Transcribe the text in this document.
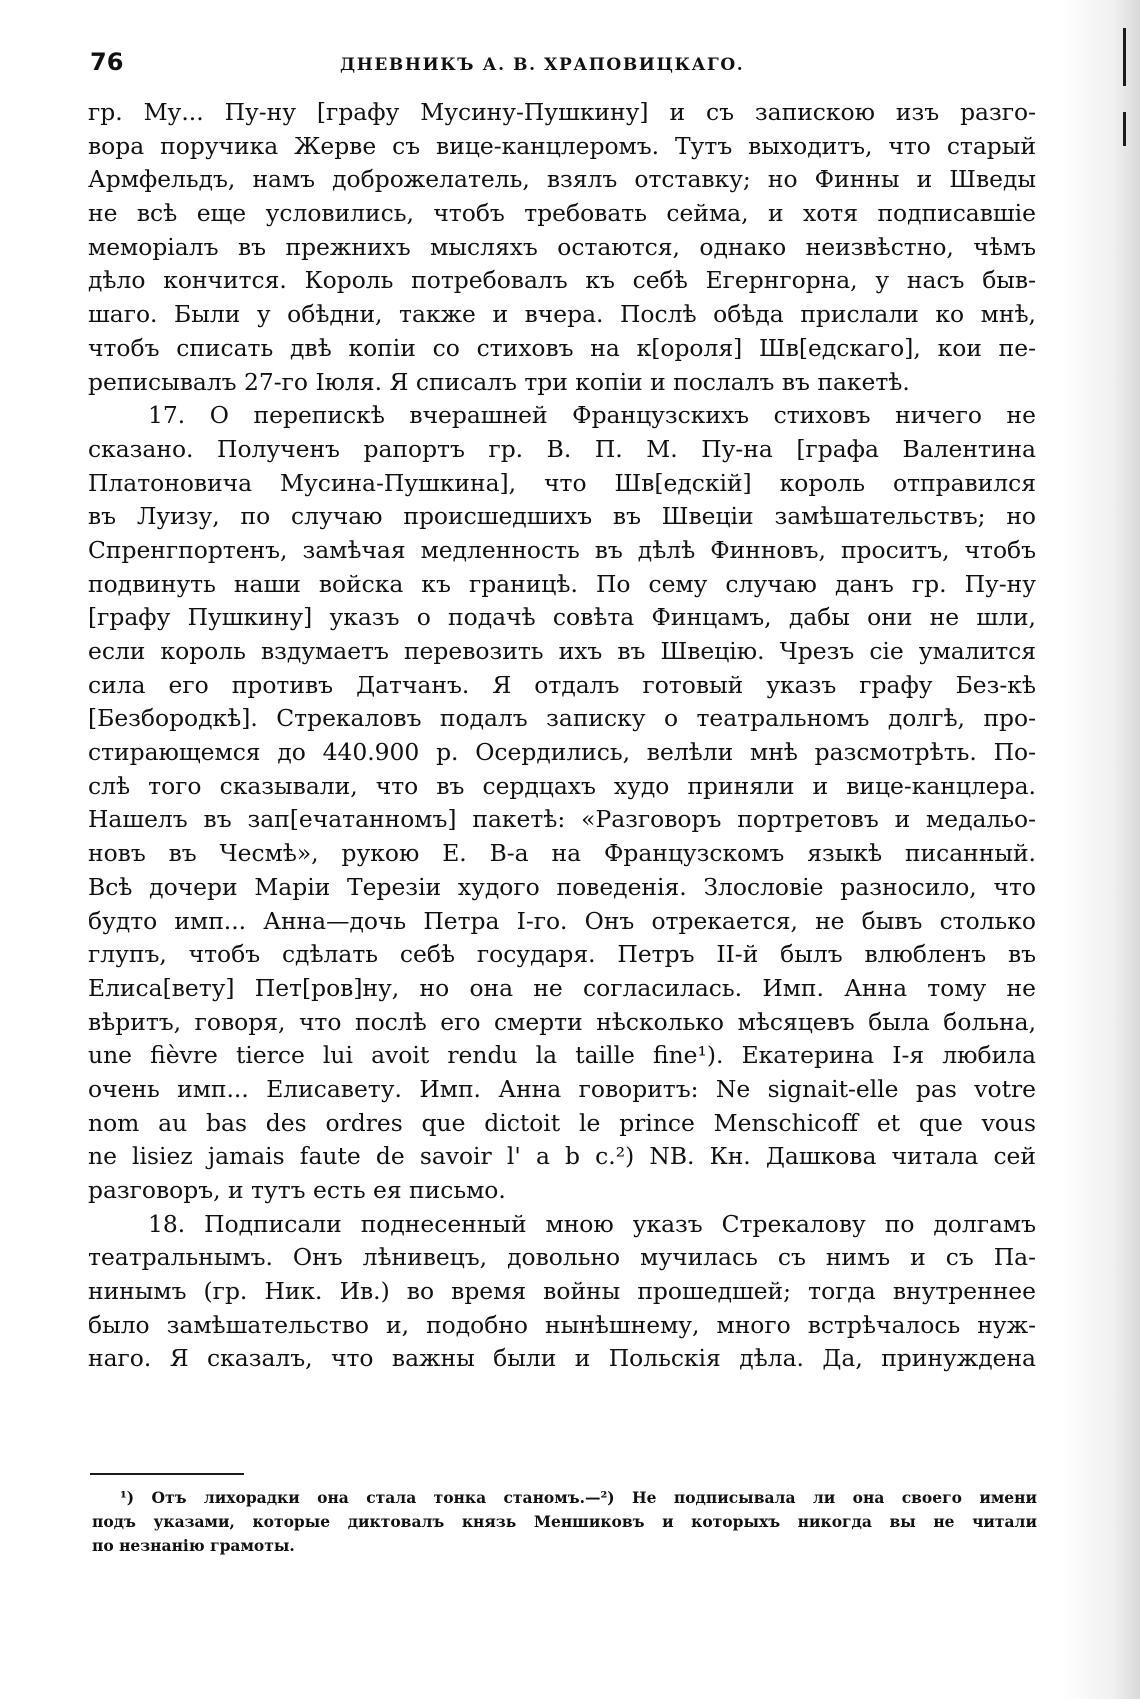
76	ДНЕВНИКЪ А. В. ХРАПОВИЦКАГО.
гр. Му... Пу-ну [графу Мусину-Пушкину] и съ запискою изъ разго-
вора поручика Жерве съ вице-канцлеромъ. Тутъ выходитъ, что старый
Армфельдъ, намъ доброжелатель, взялъ отставку; но Финны и Шведы
не всѣ еще условились, чтобъ требовать сейма, и хотя подписавшіе
меморіалъ въ прежнихъ мысляхъ остаются, однако неизвѣстно, чѣмъ
дѣло кончится. Король потребовалъ къ себѣ Егернгорна, у насъ быв-
шаго. Были у обѣдни, также и вчера. Послѣ обѣда прислали ко мнѣ,
чтобъ списать двѣ копіи со стиховъ на к[ороля] Шв[едскаго], кои пе-
реписывалъ 27-го Іюля. Я списалъ три копіи и послалъ въ пакетѣ.
17. О перепискѣ вчерашней Французскихъ стиховъ ничего не
сказано. Полученъ рапортъ гр. В. П. М. Пу-на [графа Валентина
Платоновича Мусина-Пушкина], что Шв[едскій] король отправился
въ Луизу, по случаю происшедшихъ въ Швеціи замѣшательствъ; но
Спренгпортенъ, замѣчая медленность въ дѣлѣ Финновъ, проситъ, чтобъ
подвинуть наши войска къ границѣ. По сему случаю данъ гр. Пу-ну
[графу Пушкину] указъ о подачѣ совѣта Финцамъ, дабы они не шли,
если король вздумаетъ перевозить ихъ въ Швецію. Чрезъ сіе умалится
сила его противъ Датчанъ. Я отдалъ готовый указъ графу Без-кѣ
[Безбородкѣ]. Стрекаловъ подалъ записку о театральномъ долгѣ, про-
стирающемся до 440.900 р. Осердились, велѣли мнѣ разсмотрѣть. По-
слѣ того сказывали, что въ сердцахъ худо приняли и вице-канцлера.
Нашелъ въ зап[ечатанномъ] пакетѣ: «Разговоръ портретовъ и медальо-
новъ въ Чесмѣ», рукою Е. В-а на Французскомъ языкѣ писанный.
Всѣ дочери Маріи Терезіи худого поведенія. Злословіе разносило, что
будто имп... Анна—дочь Петра І-го. Онъ отрекается, не бывъ столько
глупъ, чтобъ сдѣлать себѣ государя. Петръ II-й былъ влюбленъ въ
Елиса[вету] Пет[ров]ну, но она не согласилась. Имп. Анна тому не
вѣритъ, говоря, что послѣ его смерти нѣсколько мѣсяцевъ была больна,
une fièvre tierce lui avoit rendu la taille fine¹). Екатерина І-я любила
очень имп... Елисавету. Имп. Анна говоритъ: Ne signait-elle pas votre
nom au bas des ordres que dictoit le prince Menschicoff et que vous
ne lisiez jamais faute de savoir l' a b c.²) NB. Кн. Дашкова читала сей
разговоръ, и тутъ есть ея письмо.
18. Подписали поднесенный мною указъ Стрекалову по долгамъ
театральнымъ. Онъ лѣнивецъ, довольно мучилась съ нимъ и съ Па-
нинымъ (гр. Ник. Ив.) во время войны прошедшей; тогда внутреннее
было замѣшательство и, подобно нынѣшнему, много встрѣчалось нуж-
наго. Я сказалъ, что важны были и Польскія дѣла. Да, принуждена
¹) Отъ лихорадки она стала тонка станомъ.—²) Не подписывала ли она своего имени
подъ указами, которые диктовалъ князь Меншиковъ и которыхъ никогда вы не читали
по незнанію грамоты.
